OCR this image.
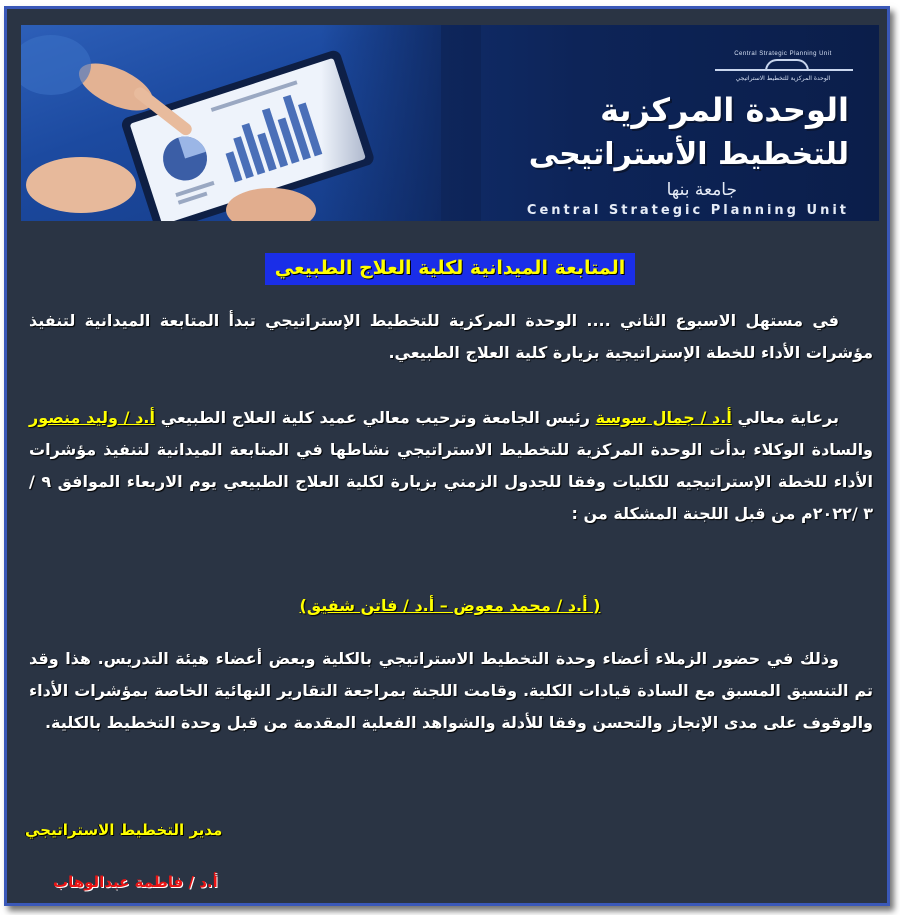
Central Strategic Planning Unit
الوحدة المركزية للتخطيط الاستراتيجي
الوحدة المركزية
للتخطيط الأستراتيجى
جامعة بنها
Central Strategic Planning Unit
المتابعة الميدانية لكلية العلاج الطبيعي
في مستهل الاسبوع الثاني .... الوحدة المركزية للتخطيط الإستراتيجي تبدأ المتابعة الميدانية لتنفيذ مؤشرات الأداء للخطة الإستراتيجية بزيارة كلية العلاج الطبيعي.
برعاية معالي أ.د / جمال سوسة رئيس الجامعة وترحيب معالي عميد كلية العلاج الطبيعي أ.د / وليد منصور والسادة الوكلاء بدأت الوحدة المركزية للتخطيط الاستراتيجي نشاطها في المتابعة الميدانية لتنفيذ مؤشرات الأداء للخطة الإستراتيجيه للكليات وفقا للجدول الزمني بزيارة لكلية العلاج الطبيعي يوم الاربعاء الموافق ٩ / ٣ /٢٠٢٢م من قبل اللجنة المشكلة من :
( أ.د / محمد معوض – أ.د / فاتن شفيق)
وذلك في حضور الزملاء أعضاء وحدة التخطيط الاستراتيجي بالكلية وبعض أعضاء هيئة التدريس. هذا وقد تم التنسيق المسبق مع السادة قيادات الكلية. وقامت اللجنة بمراجعة التقارير النهائية الخاصة بمؤشرات الأداء والوقوف على مدى الإنجاز والتحسن وفقا للأدلة والشواهد الفعلية المقدمة من قبل وحدة التخطيط بالكلية.
مدير التخطيط الاستراتيجي
أ.د / فاطمة عبدالوهاب
